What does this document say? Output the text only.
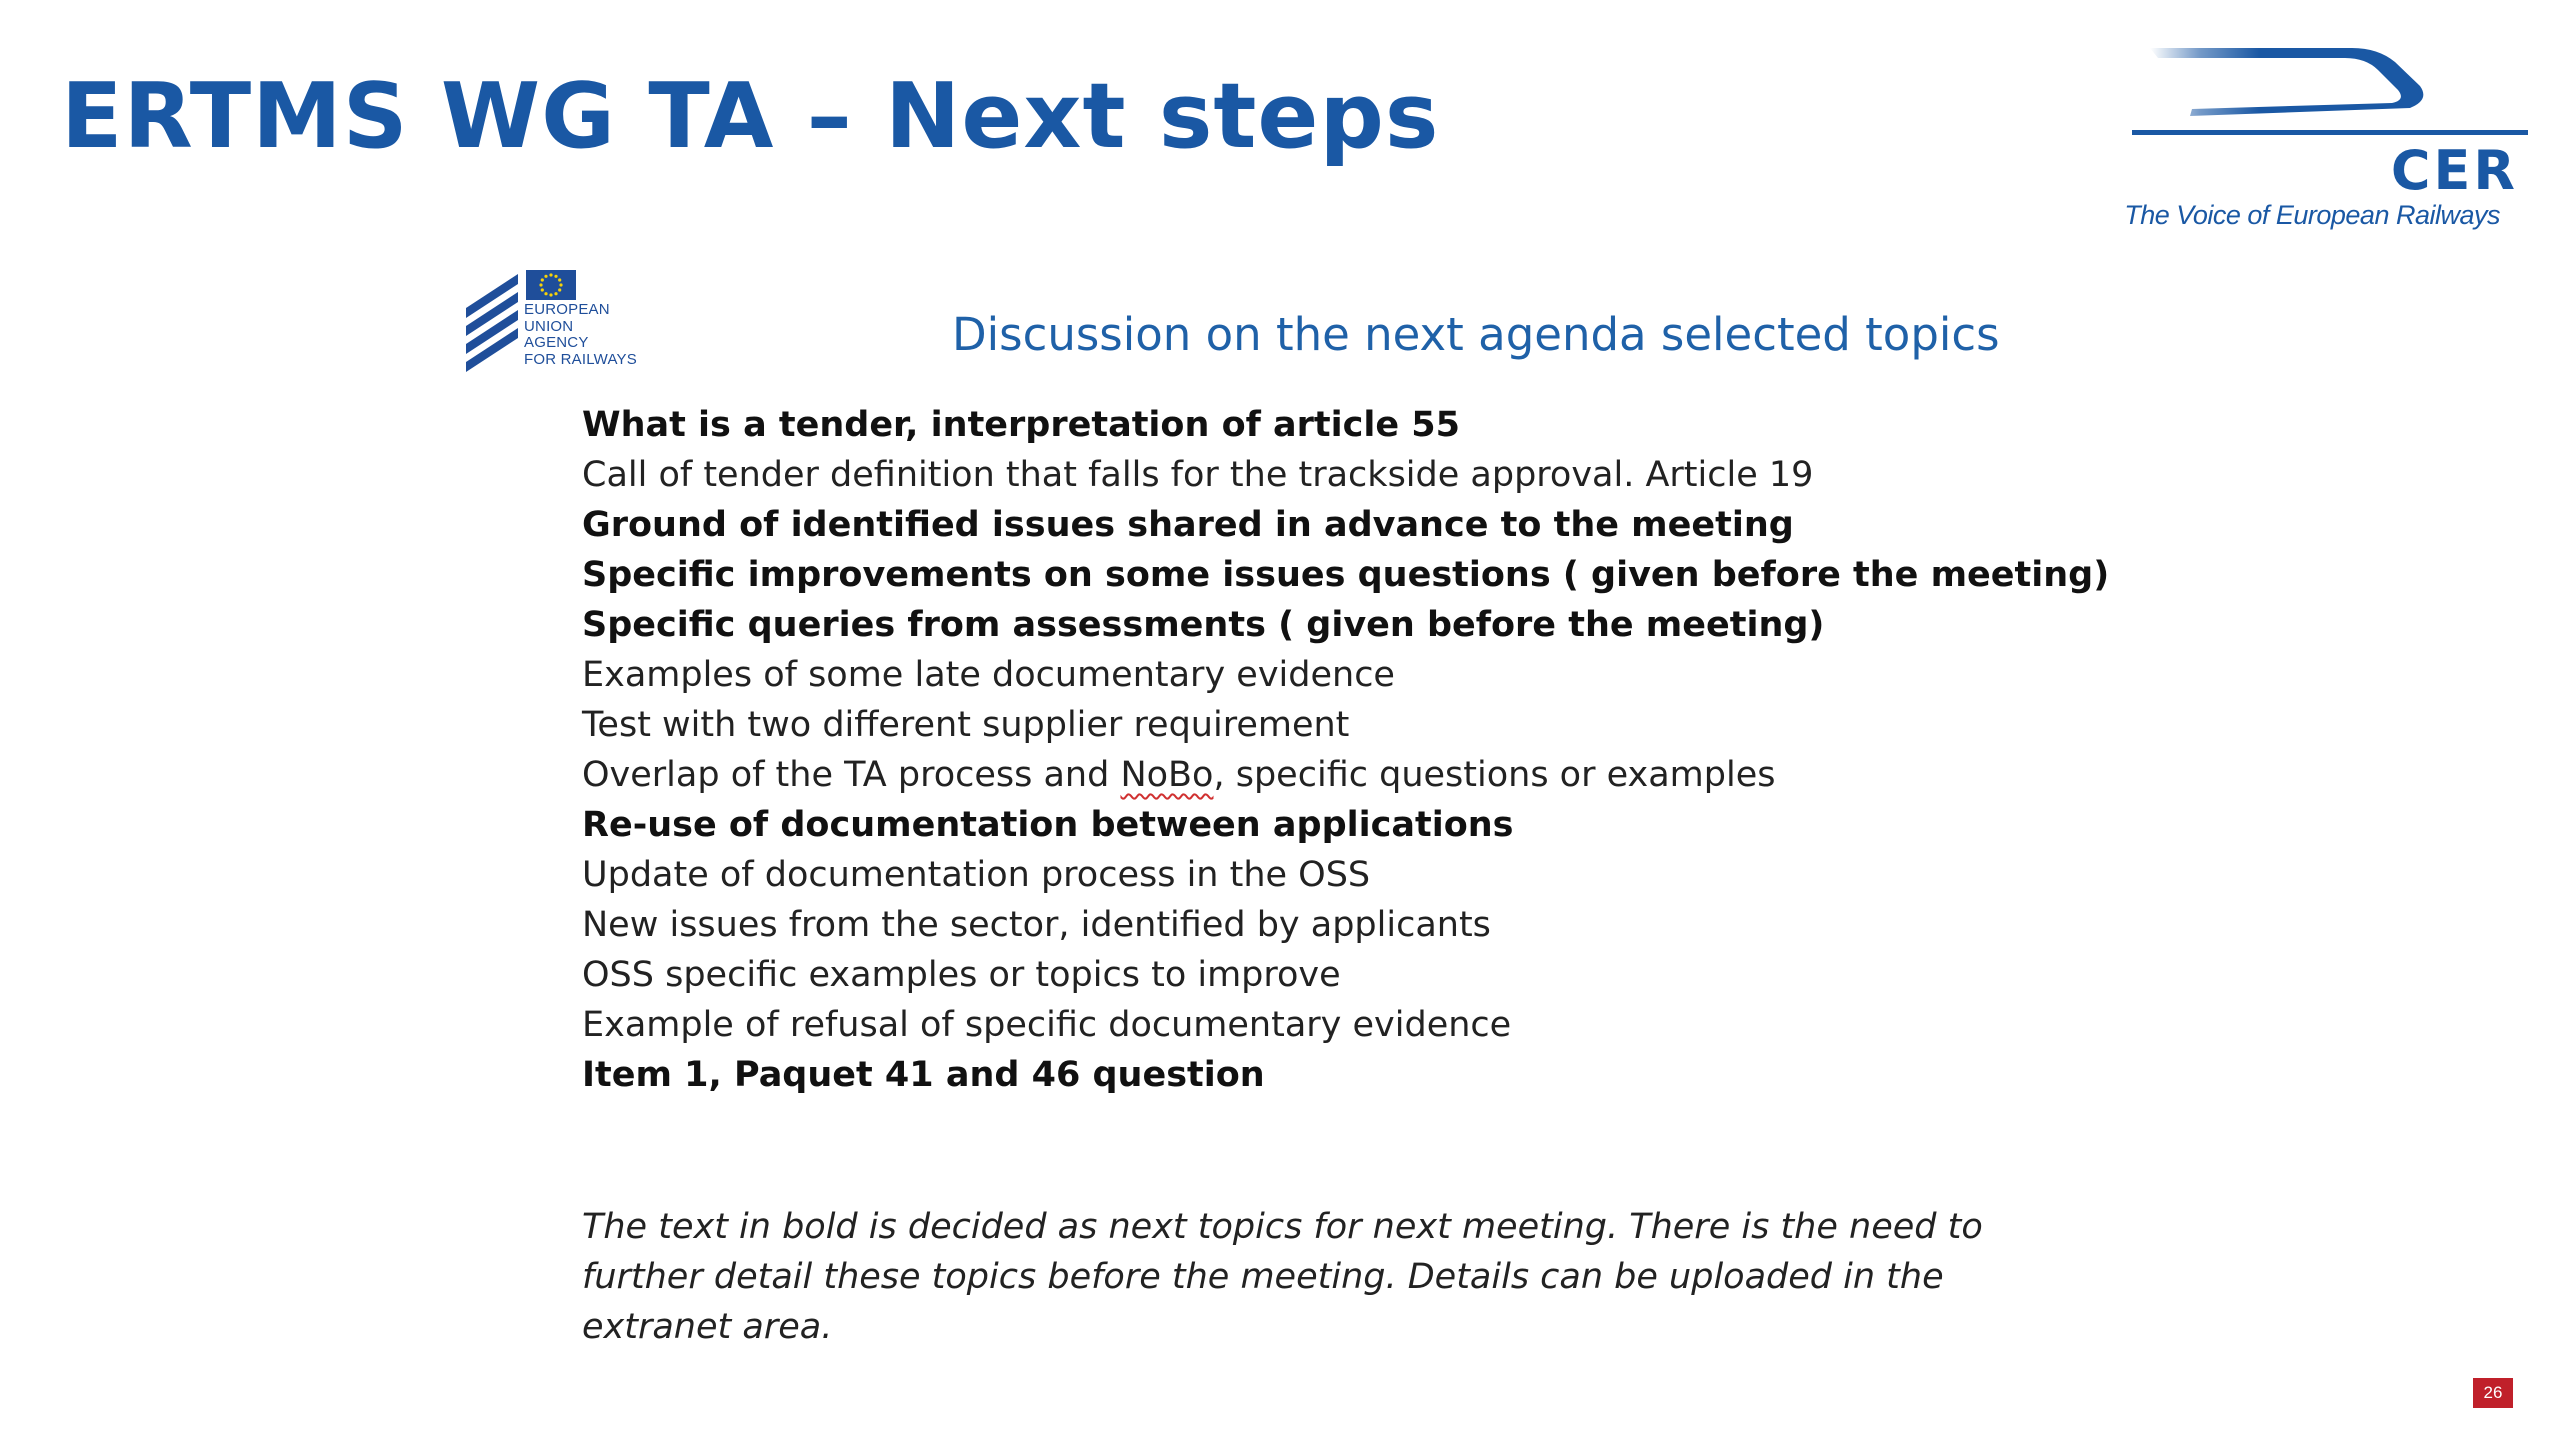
ERTMS WG TA – Next steps
CER
The Voice of European Railways
EUROPEAN
UNION
AGENCY
FOR RAILWAYS	Discussion on the next agenda selected topics
What is a tender, interpretation of article 55
Call of tender definition that falls for the trackside approval. Article 19
Ground of identified issues shared in advance to the meeting
Specific improvements on some issues questions ( given before the meeting)
Specific queries from assessments ( given before the meeting)
Examples of some late documentary evidence
Test with two different supplier requirement
Overlap of the TA process and NoBo, specific questions or examples
Re-use of documentation between applications
Update of documentation process in the OSS
New issues from the sector, identified by applicants
OSS specific examples or topics to improve
Example of refusal of specific documentary evidence
Item 1, Paquet 41 and 46 question

The text in bold is decided as next topics for next meeting. There is the need to further detail these topics before the meeting. Details can be uploaded in the extranet area.

26
